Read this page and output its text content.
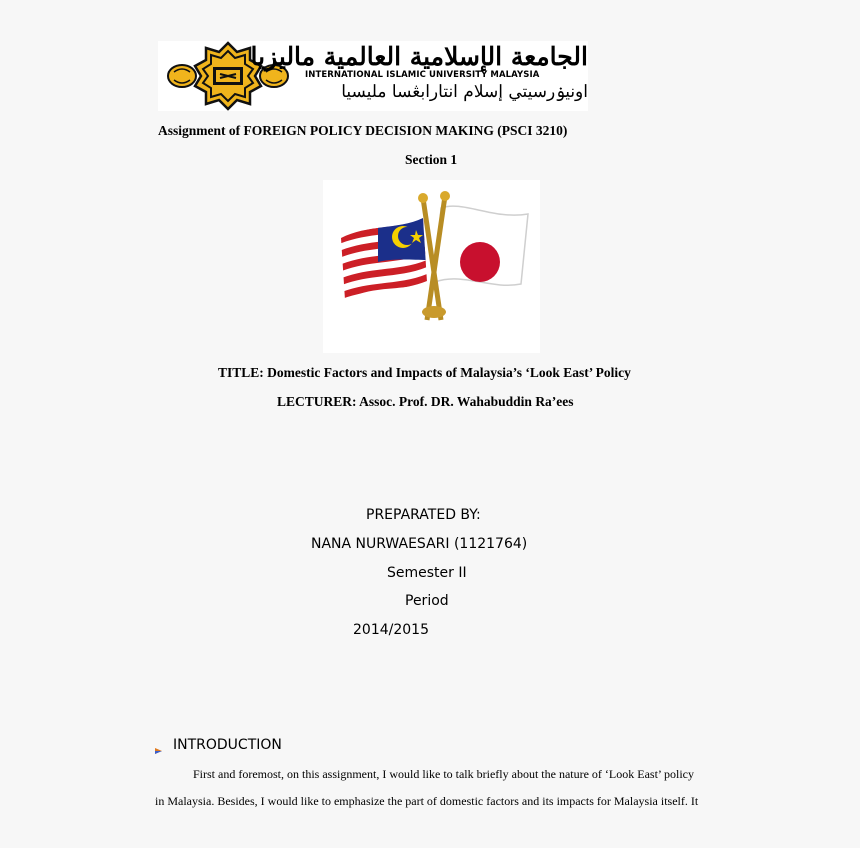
الجامعة الإسلامية العالمية ماليزيا
INTERNATIONAL ISLAMIC UNIVERSITY MALAYSIA
اونيۏرسيتي إسلام انتارابڠسا مليسيا
Assignment of FOREIGN POLICY DECISION MAKING (PSCI 3210)
Section 1
TITLE: Domestic Factors and Impacts of Malaysia’s ‘Look East’ Policy
LECTURER: Assoc. Prof. DR. Wahabuddin Ra’ees
PREPARATED BY:
NANA NURWAESARI (1121764)
Semester II
Period
2014/2015
INTRODUCTION
First and foremost, on this assignment, I would like to talk briefly about the nature of ‘Look East’ policy
in Malaysia. Besides, I would like to emphasize the part of domestic factors and its impacts for Malaysia itself. It
